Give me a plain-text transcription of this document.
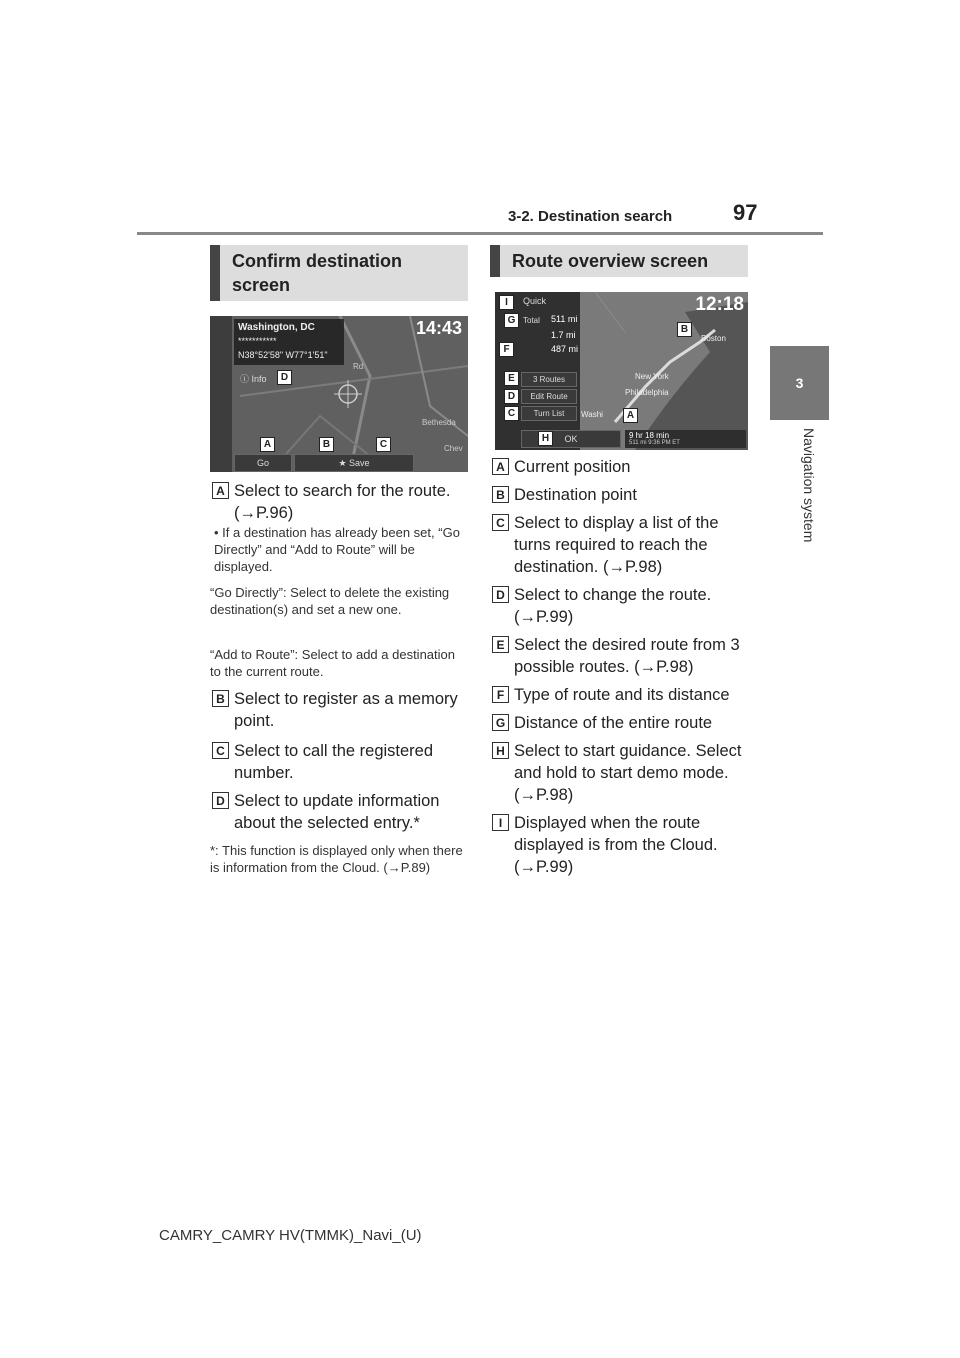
3-2. Destination search	97
3
Navigation system
Confirm destination screen
Washington, DC
***********
N38°52'58" W77°1'51"
ⓘ Info
14:43
Rd
Bethesda
Chev
Go	★ Save
D
A	B	C
A Select to search for the route. (→P.96)
• If a destination has already been set, “Go Directly” and “Add to Route” will be displayed.
“Go Directly”: Select to delete the existing destination(s) and set a new one.
“Add to Route”: Select to add a destination to the current route.
B Select to register as a memory point.
C Select to call the registered number.
D Select to update information about the selected entry.*
*: This function is displayed only when there is information from the Cloud. (→P.89)
Route overview screen
Quick
Total 511 mi
1.7 mi
487 mi
3 Routes
Edit Route
Turn List
OK	9 hr 18 min
511 mi 9:36 PM ET
12:18
Boston
New York
Philadelphia
Washi
I
G
F
E
D
C
H
B
A
A Current position
B Destination point
C Select to display a list of the turns required to reach the destination. (→P.98)
D Select to change the route. (→P.99)
E Select the desired route from 3 possible routes. (→P.98)
F Type of route and its distance
G Distance of the entire route
H Select to start guidance. Select and hold to start demo mode. (→P.98)
I Displayed when the route displayed is from the Cloud. (→P.99)
CAMRY_CAMRY HV(TMMK)_Navi_(U)
